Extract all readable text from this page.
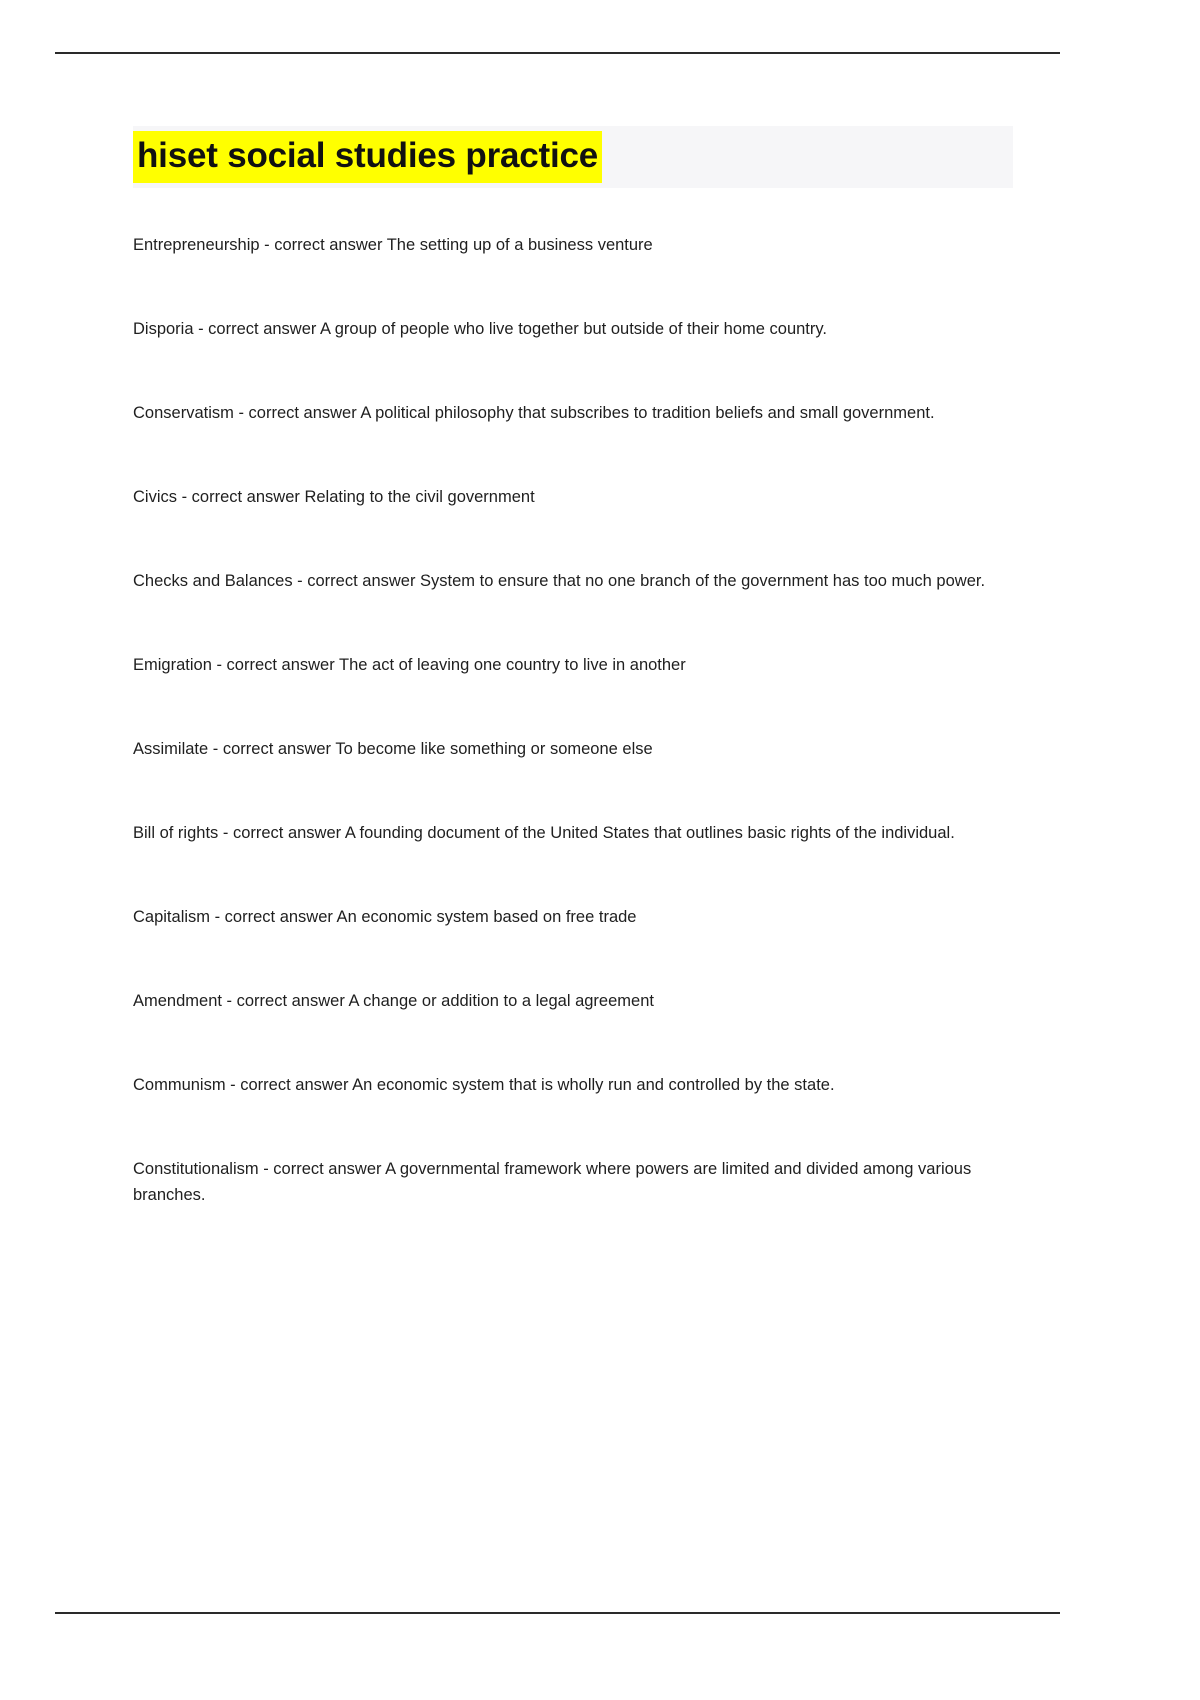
hiset social studies practice

Entrepreneurship - correct answer The setting up of a business venture

Disporia - correct answer A group of people who live together but outside of their home country.

Conservatism - correct answer A political philosophy that subscribes to tradition beliefs and small government.

Civics - correct answer Relating to the civil government

Checks and Balances - correct answer System to ensure that no one branch of the government has too much power.

Emigration - correct answer The act of leaving one country to live in another

Assimilate - correct answer To become like something or someone else

Bill of rights - correct answer A founding document of the United States that outlines basic rights of the individual.

Capitalism - correct answer An economic system based on free trade

Amendment - correct answer A change or addition to a legal agreement

Communism - correct answer An economic system that is wholly run and controlled by the state.

Constitutionalism - correct answer A governmental framework where powers are limited and divided among various branches.
